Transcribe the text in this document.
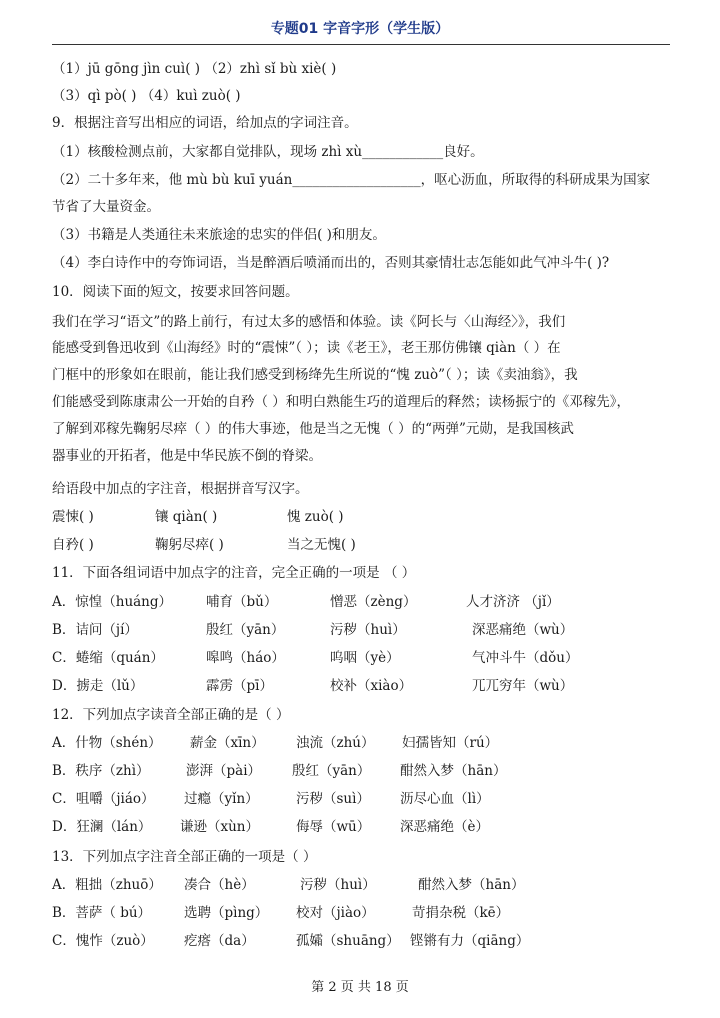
专题01 字音字形（学生版）
（1）jū gōng jìn cuì( ) （2）zhì sǐ bù xiè( )
（3）qì pò( ) （4）kuì zuò( )
9．根据注音写出相应的词语，给加点的字词注音。
（1）核酸检测点前，大家都自觉排队，现场 zhì xù____________良好。
（2）二十多年来，他 mù bù kuī yuán___________________，呕心沥血，所取得的科研成果为国家
节省了大量资金。
（3）书籍是人类通往未来旅途的忠实的伴侣( )和朋友。
（4）李白诗作中的夸饰词语，当是醉酒后喷涌而出的，否则其豪情壮志怎能如此气冲斗牛( )?
10．阅读下面的短文，按要求回答问题。
我们在学习“语文”的路上前行，有过太多的感悟和体验。读《阿长与〈山海经〉》，我们
能感受到鲁迅收到《山海经》时的“震悚”（ ）；读《老王》，老王那仿佛镶 qiàn（ ）在
门框中的形象如在眼前，能让我们感受到杨绛先生所说的“愧 zuò”（ ）；读《卖油翁》，我
们能感受到陈康肃公一开始的自矜（ ）和明白熟能生巧的道理后的释然；读杨振宁的《邓稼先》，
了解到邓稼先鞠躬尽瘁（ ）的伟大事迹，他是当之无愧（ ）的“两弹”元勋，是我国核武
器事业的开拓者，他是中华民族不倒的脊梁。
给语段中加点的字注音，根据拼音写汉字。
震悚( )	镶 qiàn( )	愧 zuò( )
自矜( )	鞠躬尽瘁( )	当之无愧( )
11．下面各组词语中加点字的注音，完全正确的一项是 （ ）
A．惊惶（huáng）	哺育（bǔ）	憎恶（zèng）	人才济济 （jǐ）
B．诘问（jí）	殷红（yān）	污秽（huì）	深恶痛绝（wù）
C．蜷缩（quán）	嗥鸣（háo）	呜咽（yè）	气冲斗牛（dǒu）
D．掳走（lǔ）	霹雳（pī）	校补（xiào）	兀兀穷年（wù）
12．下列加点字读音全部正确的是（ ）
A．什物（shén） 薪金（xīn） 浊流（zhú） 妇孺皆知（rú）
B．秩序（zhì）	澎湃（pài） 殷红（yān） 酣然入梦（hān）
C．咀嚼（jiáo） 过瘾（yǐn）	污秽（suì） 沥尽心血（lì）
D．狂澜（lán） 谦逊（xùn）	侮辱（wū） 深恶痛绝（è）
13．下列加点字注音全部正确的一项是（ ）
A．粗拙（zhuō） 凑合（hè）	污秽（huì）	酣然入梦（hān）
B．菩萨（ bú） 选聘（pìng） 校对（jiào）	苛捐杂税（kē）
C．愧怍（zuò） 疙瘩（da）	孤孀（shuāng） 铿锵有力（qiāng）
第 2 页 共 18 页
